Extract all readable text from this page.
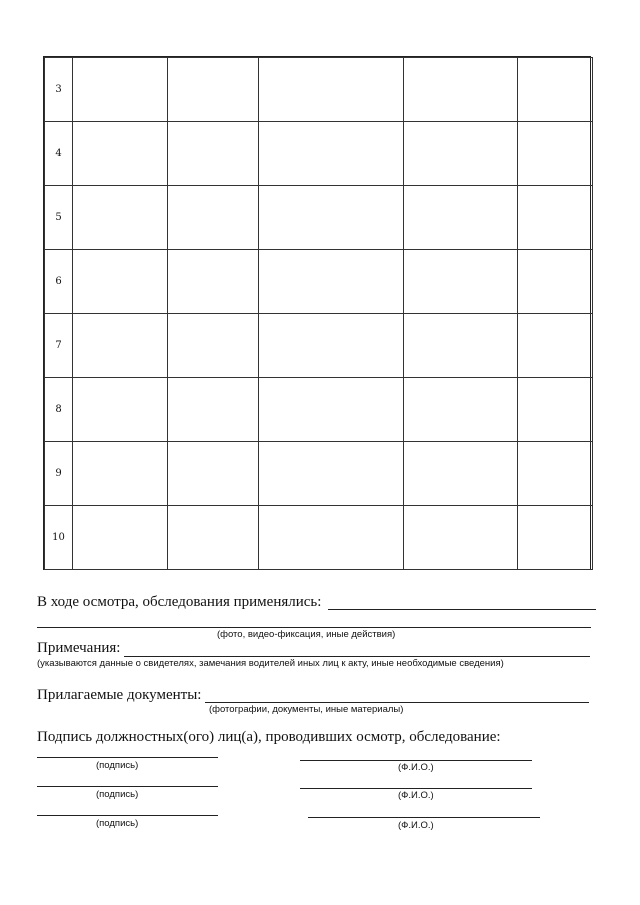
3					
4					
5					
6					
7					
8					
9					
10					
В ходе осмотра, обследования применялись:
(фото, видео-фиксация, иные действия)
Примечания:
(указываются данные о свидетелях, замечания водителей иных лиц к акту, иные необходимые сведения)
Прилагаемые документы:
(фотографии, документы, иные материалы)
Подпись должностных(ого) лиц(а), проводивших осмотр, обследование:
(подпись)	(Ф.И.О.)
(подпись)	(Ф.И.О.)
(подпись)	(Ф.И.О.)
